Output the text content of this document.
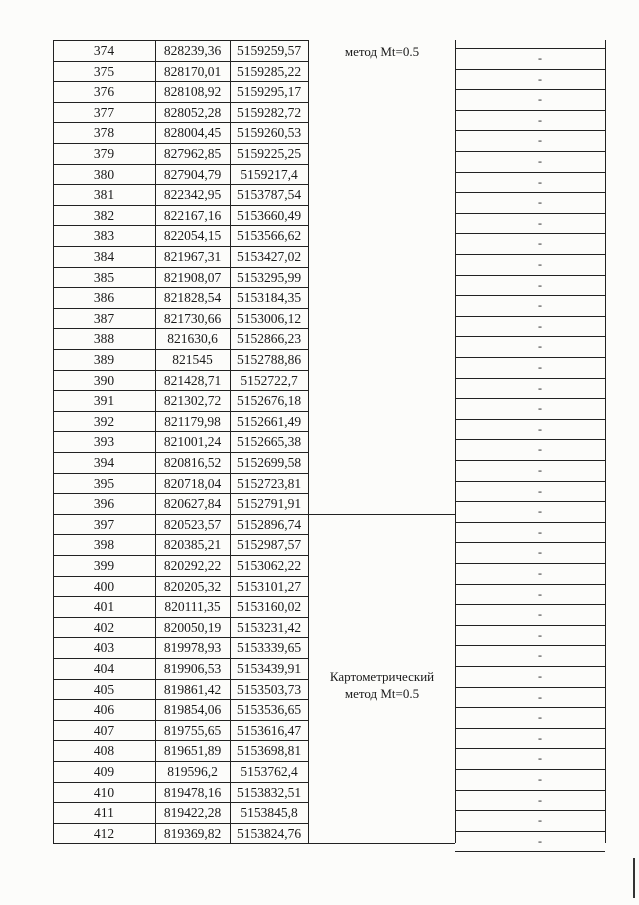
374	828239,36	5159259,57	-
375	828170,01	5159285,22	-
376	828108,92	5159295,17	-
377	828052,28	5159282,72	-
378	828004,45	5159260,53	-
379	827962,85	5159225,25	-
380	827904,79	5159217,4	-
381	822342,95	5153787,54	-
382	822167,16	5153660,49	-
383	822054,15	5153566,62	-
384	821967,31	5153427,02	-
385	821908,07	5153295,99	-
386	821828,54	5153184,35	-
387	821730,66	5153006,12	-
388	821630,6	5152866,23	-
389	821545	5152788,86	-
390	821428,71	5152722,7	-
391	821302,72	5152676,18	-
392	821179,98	5152661,49	-
393	821001,24	5152665,38	-
394	820816,52	5152699,58	-
395	820718,04	5152723,81	-
396	820627,84	5152791,91	-
397	820523,57	5152896,74	-
398	820385,21	5152987,57	-
399	820292,22	5153062,22	-
400	820205,32	5153101,27	-
401	820111,35	5153160,02	-
402	820050,19	5153231,42	-
403	819978,93	5153339,65	-
404	819906,53	5153439,91	-
405	819861,42	5153503,73	-
406	819854,06	5153536,65	-
407	819755,65	5153616,47	-
408	819651,89	5153698,81	-
409	819596,2	5153762,4	-
410	819478,16	5153832,51	-
411	819422,28	5153845,8	-
412	819369,82	5153824,76	-
метод Mt=0.5
Картометрический
метод Mt=0.5
